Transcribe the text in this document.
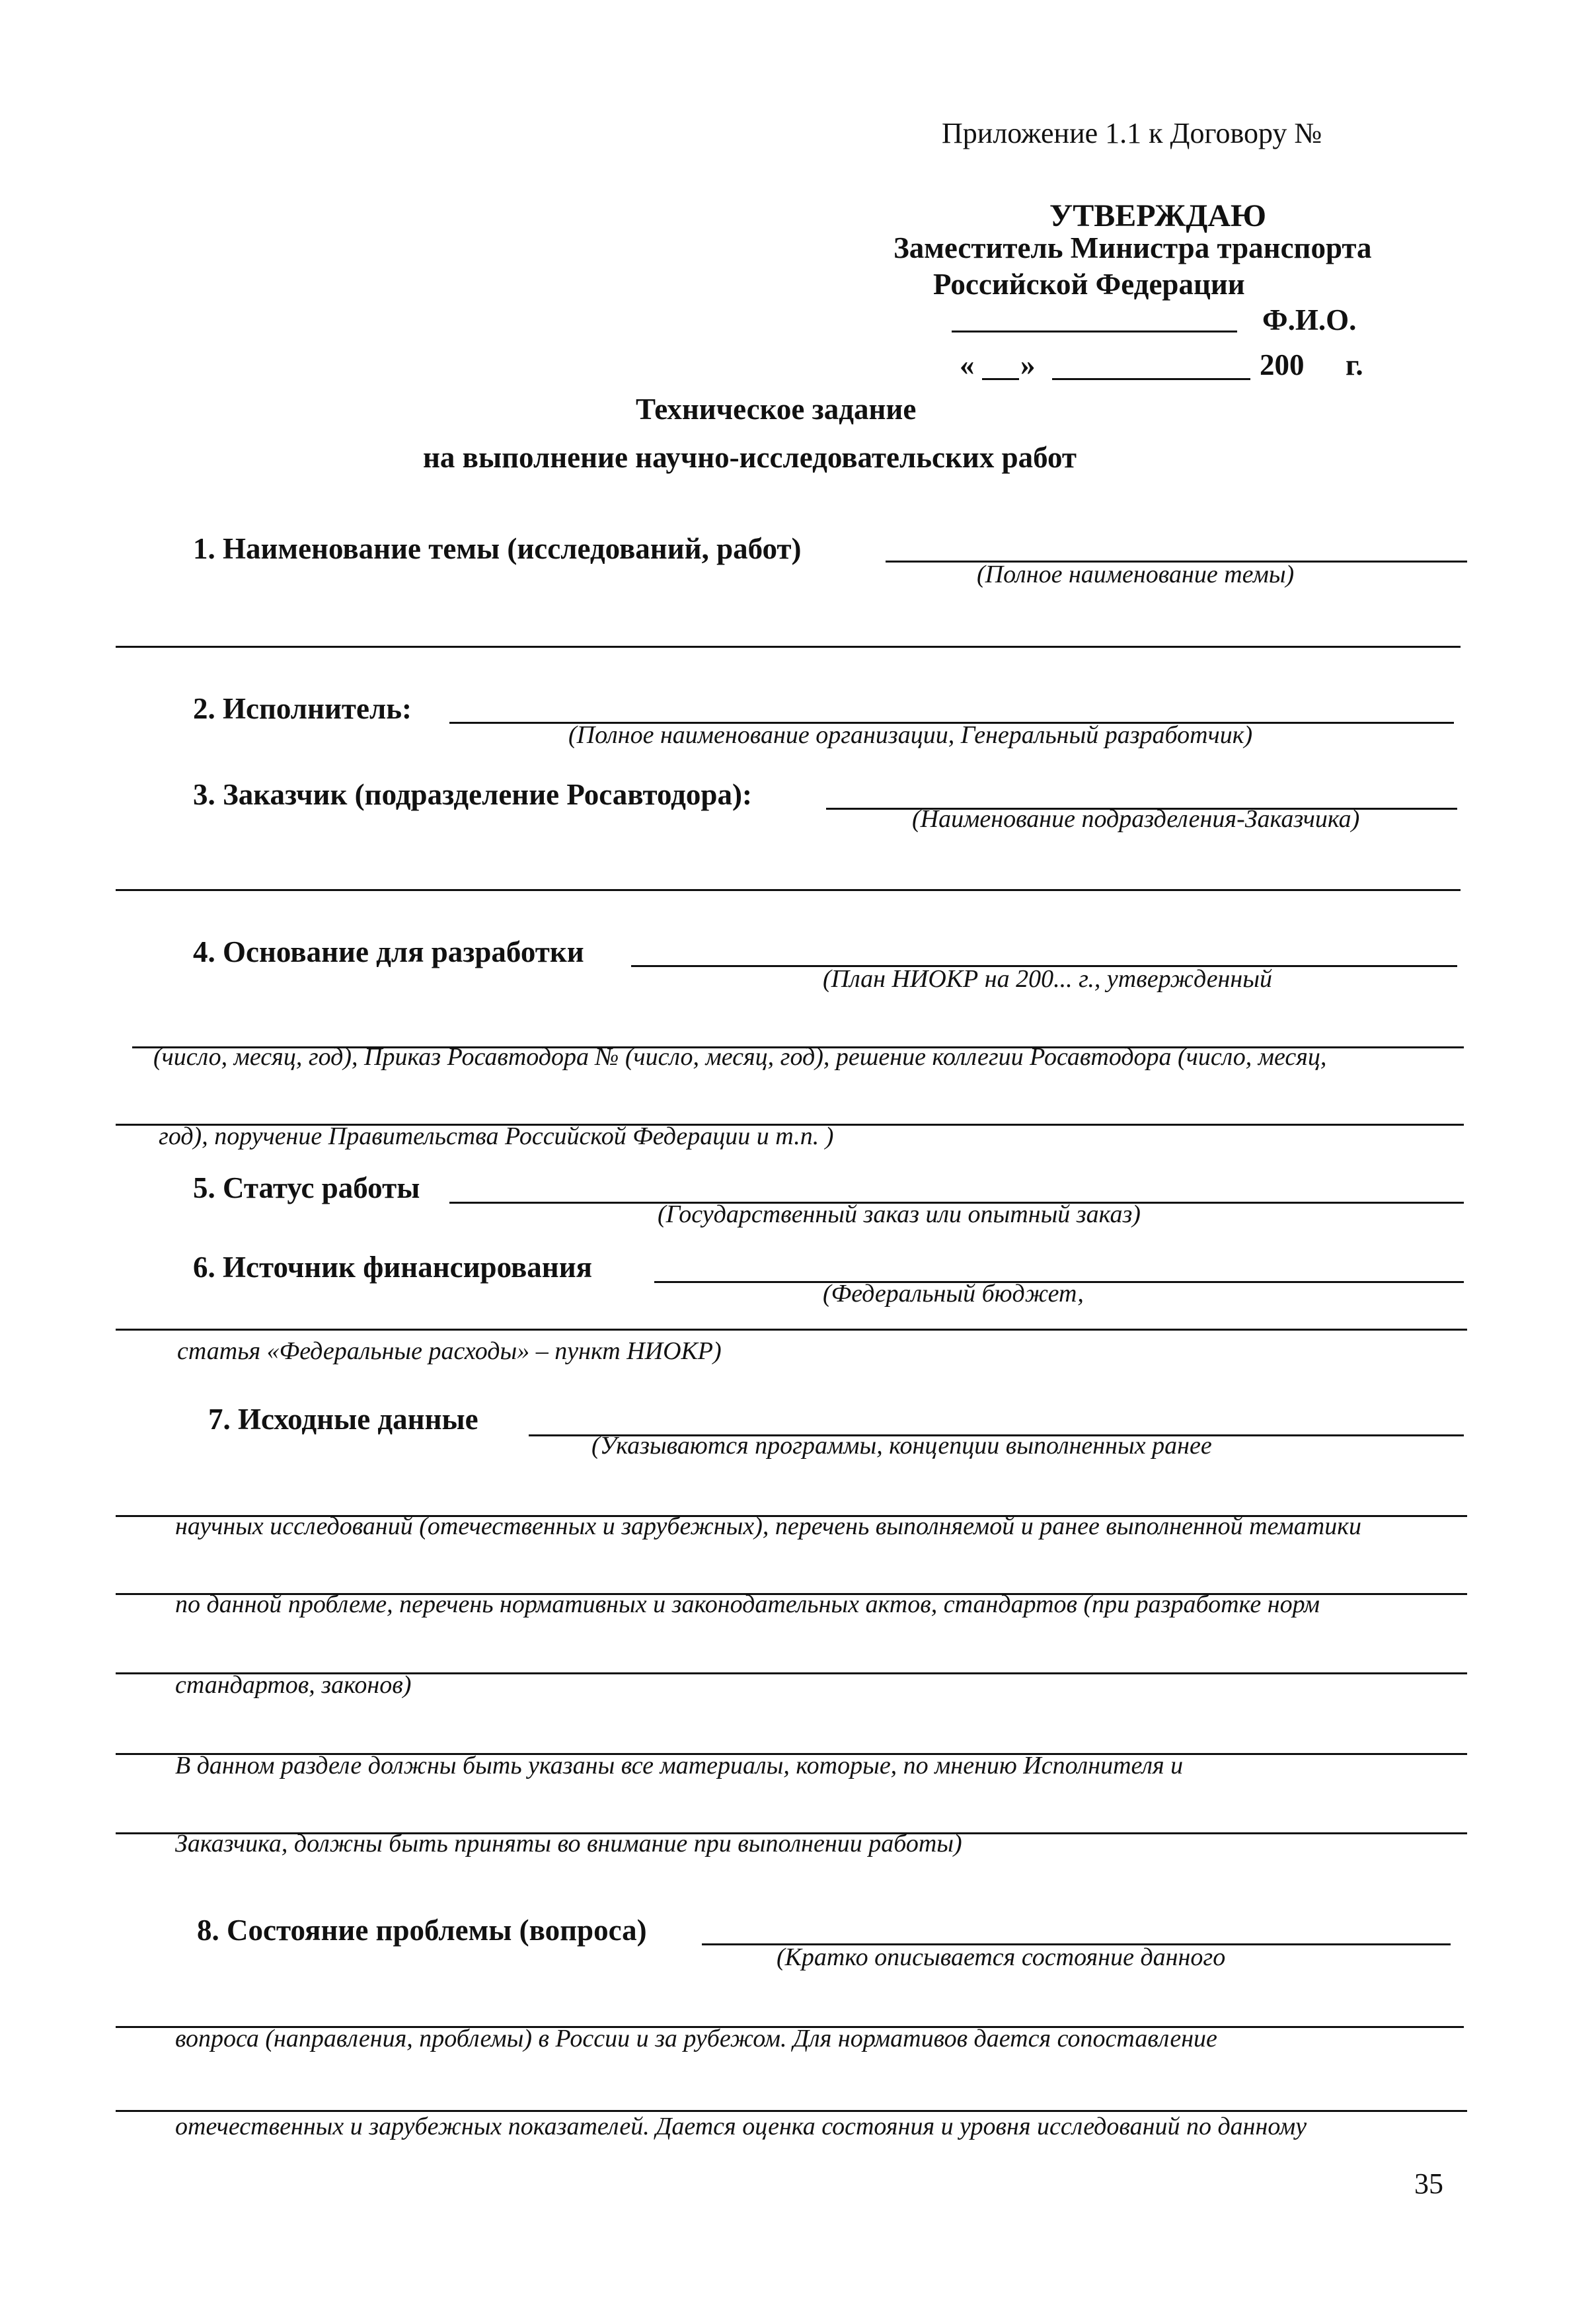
Приложение 1.1 к Договору №
УТВЕРЖДАЮ
Заместитель Министра транспорта
Российской Федерации
Ф.И.О.
« »	200 г.
Техническое задание
на выполнение научно-исследовательских работ
1. Наименование темы (исследований, работ)
(Полное наименование темы)
2. Исполнитель:
(Полное наименование организации, Генеральный разработчик)
3. Заказчик (подразделение Росавтодора):
(Наименование подразделения-Заказчика)
4. Основание для разработки
(План НИОКР на 200... г., утвержденный
(число, месяц, год), Приказ Росавтодора № (число, месяц, год), решение коллегии Росавтодора (число, месяц,
год), поручение Правительства Российской Федерации и т.п. )
5. Статус работы
(Государственный заказ или опытный заказ)
6. Источник финансирования
(Федеральный бюджет,
статья «Федеральные расходы» – пункт НИОКР)
7. Исходные данные
(Указываются программы, концепции выполненных ранее
научных исследований (отечественных и зарубежных), перечень выполняемой и ранее выполненной тематики
по данной проблеме, перечень нормативных и законодательных актов, стандартов (при разработке норм
стандартов, законов)
В данном разделе должны быть указаны все материалы, которые, по мнению Исполнителя и
Заказчика, должны быть приняты во внимание при выполнении работы)
8. Состояние проблемы (вопроса)
(Кратко описывается состояние данного
вопроса (направления, проблемы) в России и за рубежом. Для нормативов дается сопоставление
отечественных и зарубежных показателей. Дается оценка состояния и уровня исследований по данному
35
